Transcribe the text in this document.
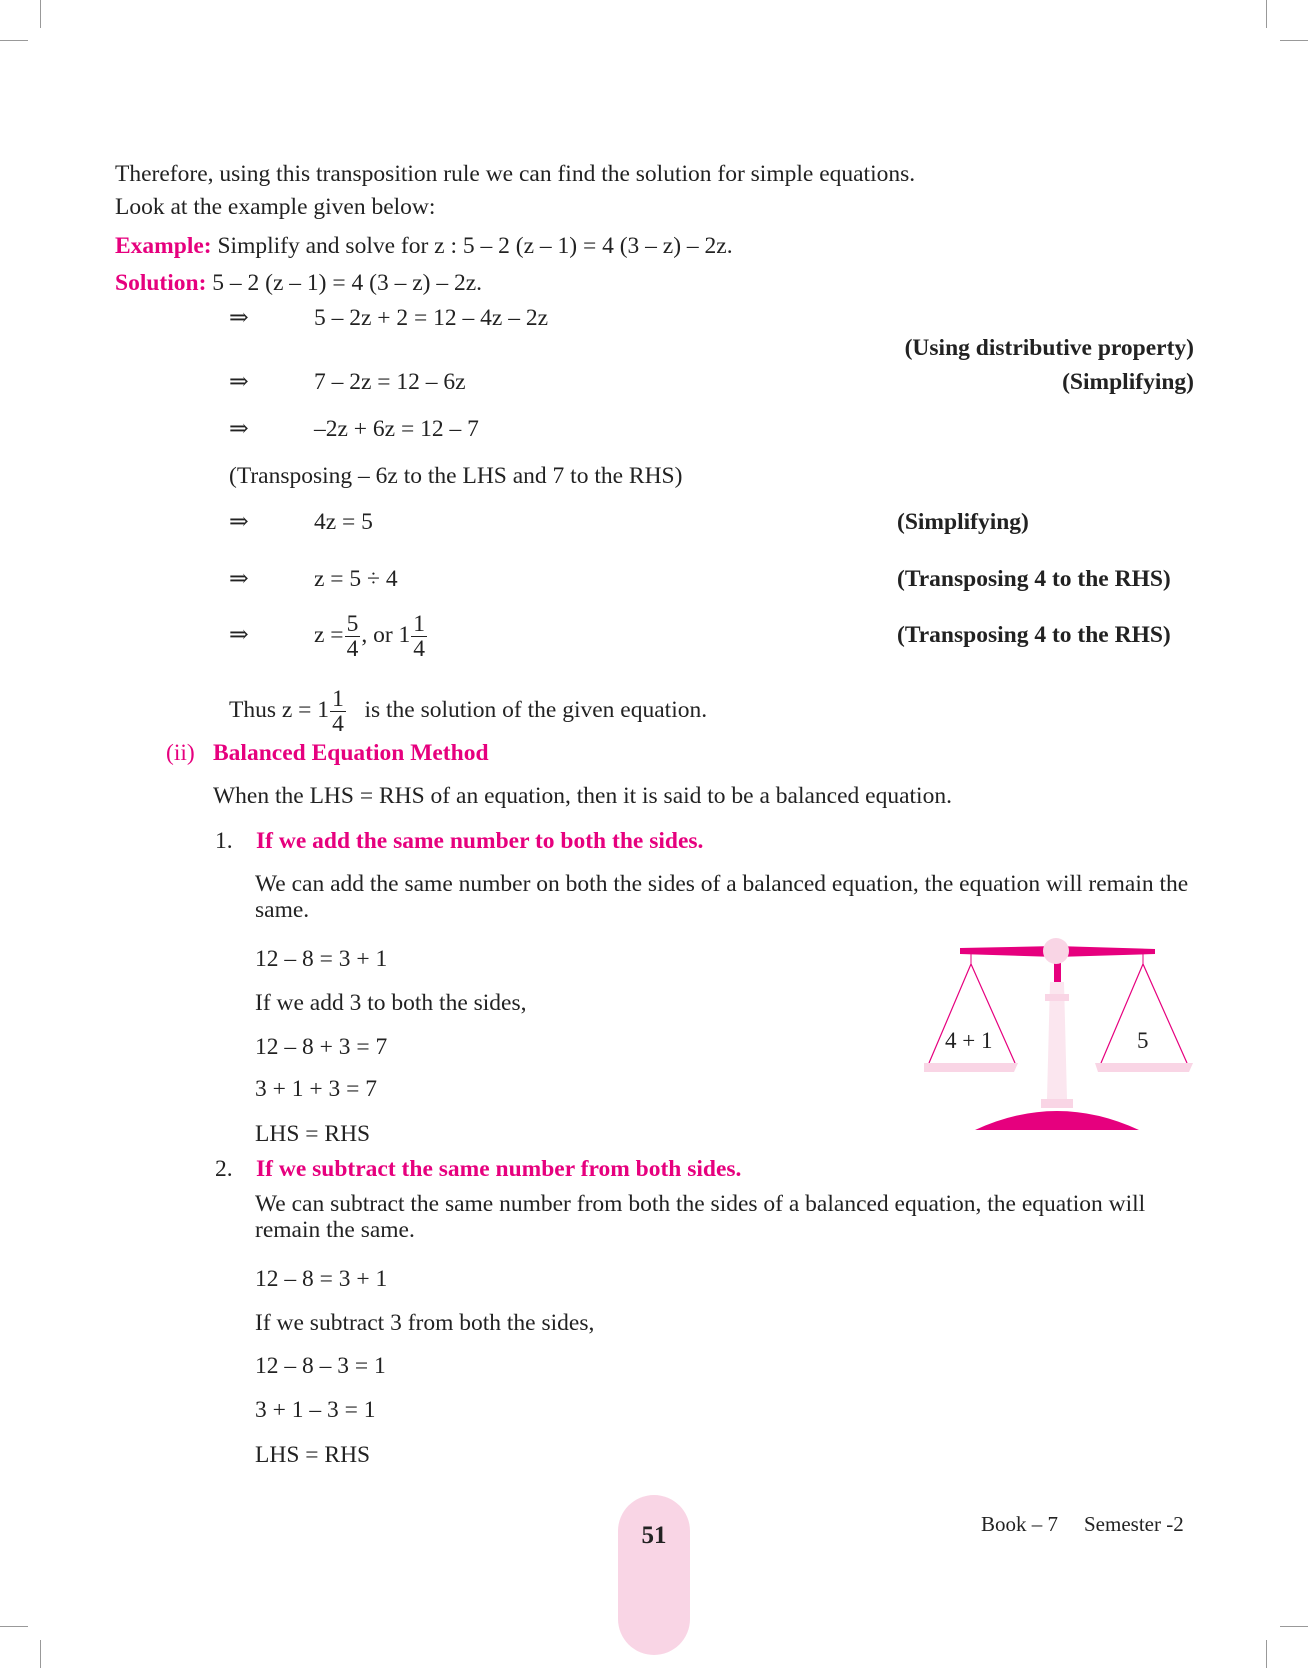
Therefore, using this transposition rule we can find the solution for simple equations.
Look at the example given below:
Example: Simplify and solve for z : 5 – 2 (z – 1) = 4 (3 – z) – 2z.
Solution: 5 – 2 (z – 1) = 4 (3 – z) – 2z.
⇒	5 – 2z + 2 = 12 – 4z – 2z
(Using distributive property)
⇒	7 – 2z = 12 – 6z	(Simplifying)
⇒	–2z + 6z = 12 – 7
(Transposing – 6z to the LHS and 7 to the RHS)
⇒	4z = 5	(Simplifying)
⇒	z = 5 ÷ 4	(Transposing 4 to the RHS)
⇒	$z = \frac{5}{4}$ , or $1 \frac{1}{4}$	(Transposing 4 to the RHS)
Thus $z = 1 \frac{1}{4}$ is the solution of the given equation.
(ii) Balanced Equation Method
When the LHS = RHS of an equation, then it is said to be a balanced equation.
1. If we add the same number to both the sides.
We can add the same number on both the sides of a balanced equation, the equation will remain the same.
12 – 8 = 3 + 1
If we add 3 to both the sides,
12 – 8 + 3 = 7
3 + 1 + 3 = 7
LHS = RHS
2. If we subtract the same number from both sides.
We can subtract the same number from both the sides of a balanced equation, the equation will remain the same.
12 – 8 = 3 + 1
If we subtract 3 from both the sides,
12 – 8 – 3 = 1
3 + 1 – 3 = 1
LHS = RHS
4 + 1	5
51	Book – 7 Semester -2
